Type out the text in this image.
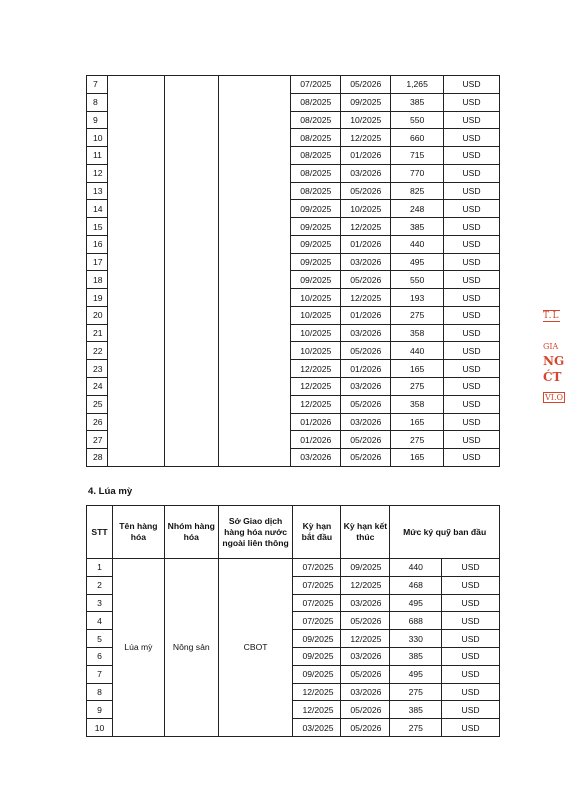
7				07/2025	05/2026	1,265	USD
8				08/2025	09/2025	385	USD
9				08/2025	10/2025	550	USD
10				08/2025	12/2025	660	USD
11				08/2025	01/2026	715	USD
12				08/2025	03/2026	770	USD
13				08/2025	05/2026	825	USD
14				09/2025	10/2025	248	USD
15				09/2025	12/2025	385	USD
16				09/2025	01/2026	440	USD
17				09/2025	03/2026	495	USD
18				09/2025	05/2026	550	USD
19				10/2025	12/2025	193	USD
20				10/2025	01/2026	275	USD
21				10/2025	03/2026	358	USD
22				10/2025	05/2026	440	USD
23				12/2025	01/2026	165	USD
24				12/2025	03/2026	275	USD
25				12/2025	05/2026	358	USD
26				01/2026	03/2026	165	USD
27				01/2026	05/2026	275	USD
28				03/2026	05/2026	165	USD
4. Lúa mỳ
STT	Tên hàng hóa	Nhóm hàng hóa	Sở Giao dịch hàng hóa nước ngoài liên thông	Kỳ hạn bắt đầu	Kỳ hạn kết thúc	Mức ký quỹ ban đầu	
1	Lúa mỳ	Nông sản	CBOT	07/2025	09/2025	440	USD
2				07/2025	12/2025	468	USD
3				07/2025	03/2026	495	USD
4				07/2025	05/2026	688	USD
5				09/2025	12/2025	330	USD
6				09/2025	03/2026	385	USD
7				09/2025	05/2026	495	USD
8				12/2025	03/2026	275	USD
9				12/2025	05/2026	385	USD
10				03/2025	05/2026	275	USD
T.L
GIA
NG
ĆT
VI.O
